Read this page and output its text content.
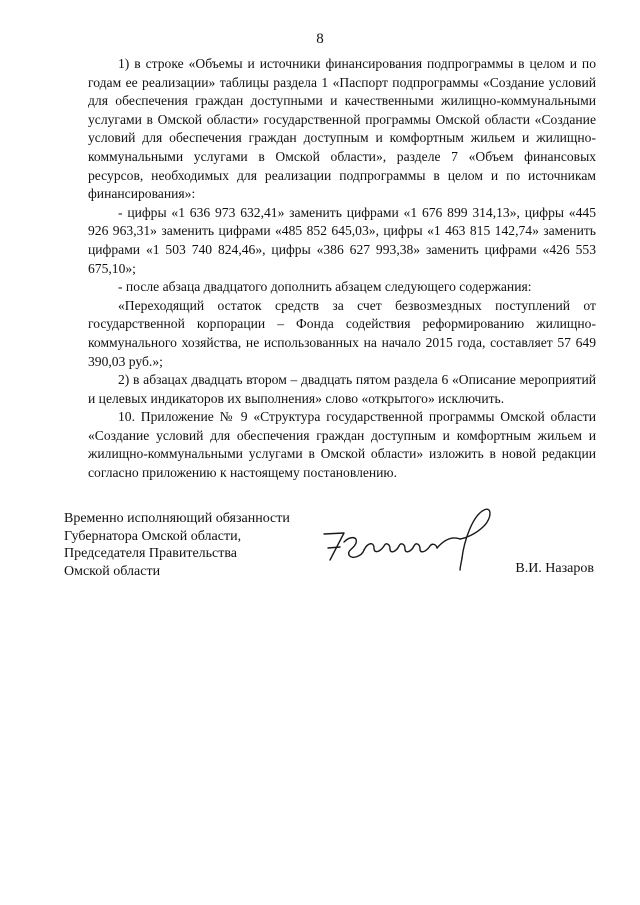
8

1) в строке «Объемы и источники финансирования подпрограммы в целом и по годам ее реализации» таблицы раздела 1 «Паспорт подпрограммы «Создание условий для обеспечения граждан доступными и качественными жилищно-коммунальными услугами в Омской области» государственной программы Омской области «Создание условий для обеспечения граждан доступным и комфортным жильем и жилищно-коммунальными услугами в Омской области», разделе 7 «Объем финансовых ресурсов, необходимых для реализации подпрограммы в целом и по источникам финансирования»:

- цифры «1 636 973 632,41» заменить цифрами «1 676 899 314,13», цифры «445 926 963,31» заменить цифрами «485 852 645,03», цифры «1 463 815 142,74» заменить цифрами «1 503 740 824,46», цифры «386 627 993,38» заменить цифрами «426 553 675,10»;

- после абзаца двадцатого дополнить абзацем следующего содержания:

«Переходящий остаток средств за счет безвозмездных поступлений от государственной корпорации – Фонда содействия реформированию жилищно-коммунального хозяйства, не использованных на начало 2015 года, составляет 57 649 390,03 руб.»;

2) в абзацах двадцать втором – двадцать пятом раздела 6 «Описание мероприятий и целевых индикаторов их выполнения» слово «открытого» исключить.

10. Приложение № 9 «Структура государственной программы Омской области «Создание условий для обеспечения граждан доступным и комфортным жильем и жилищно-коммунальными услугами в Омской области» изложить в новой редакции согласно приложению к настоящему постановлению.

Временно исполняющий обязанности
Губернатора Омской области,
Председателя Правительства
Омской области	В.И. Назаров
